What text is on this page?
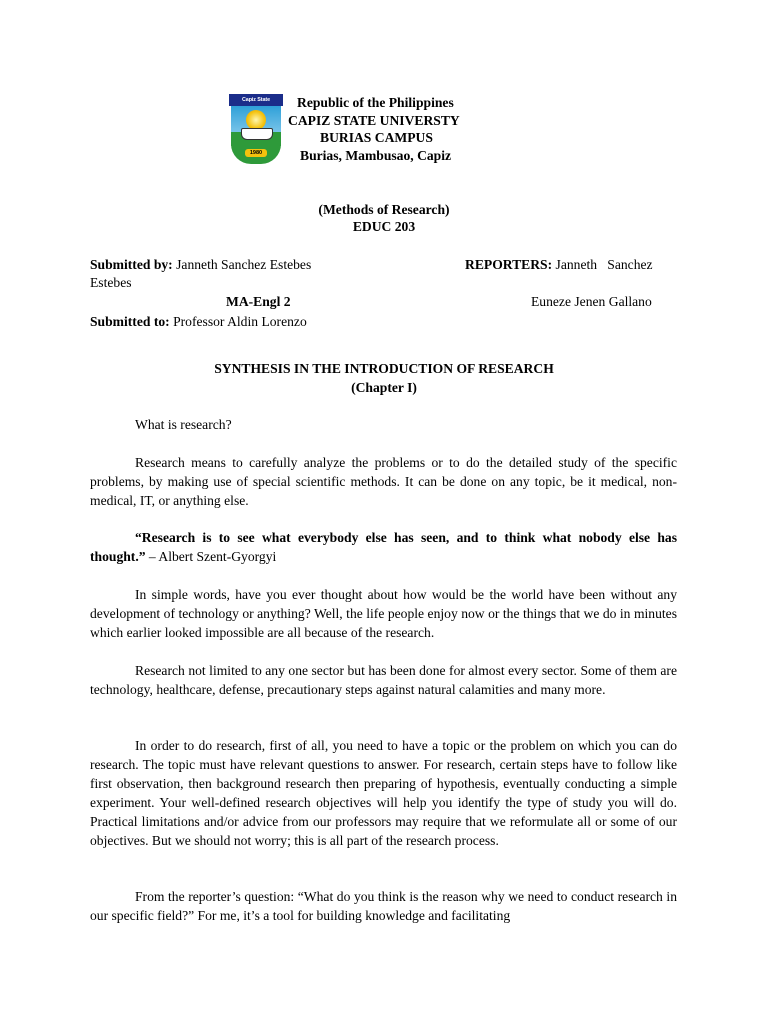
Capiz State
1980
Republic of the Philippines
CAPIZ STATE UNIVERSTY
BURIAS CAMPUS
Burias, Mambusao, Capiz
(Methods of Research)
EDUC 203
Submitted by: Janneth Sanchez Estebes
Estebes
MA-Engl 2
Submitted to: Professor Aldin Lorenzo
REPORTERS: Janneth   Sanchez
Euneze Jenen Gallano
SYNTHESIS IN THE INTRODUCTION OF RESEARCH
(Chapter I)
What is research?

Research means to carefully analyze the problems or to do the detailed study of the specific problems, by making use of special scientific methods. It can be done on any topic, be it medical, non-medical, IT, or anything else.

“Research is to see what everybody else has seen, and to think what nobody else has thought.” – Albert Szent-Gyorgyi

In simple words, have you ever thought about how would be the world have been without any development of technology or anything? Well, the life people enjoy now or the things that we do in minutes which earlier looked impossible are all because of the research.

Research not limited to any one sector but has been done for almost every sector. Some of them are technology, healthcare, defense, precautionary steps against natural calamities and many more.

In order to do research, first of all, you need to have a topic or the problem on which you can do research. The topic must have relevant questions to answer. For research, certain steps have to follow like first observation, then background research then preparing of hypothesis, eventually conducting a simple experiment. Your well-defined research objectives will help you identify the type of study you will do. Practical limitations and/or advice from our professors may require that we reformulate all or some of our objectives. But we should not worry; this is all part of the research process.

From the reporter’s question: “What do you think is the reason why we need to conduct research in our specific field?” For me, it’s a tool for building knowledge and facilitating
